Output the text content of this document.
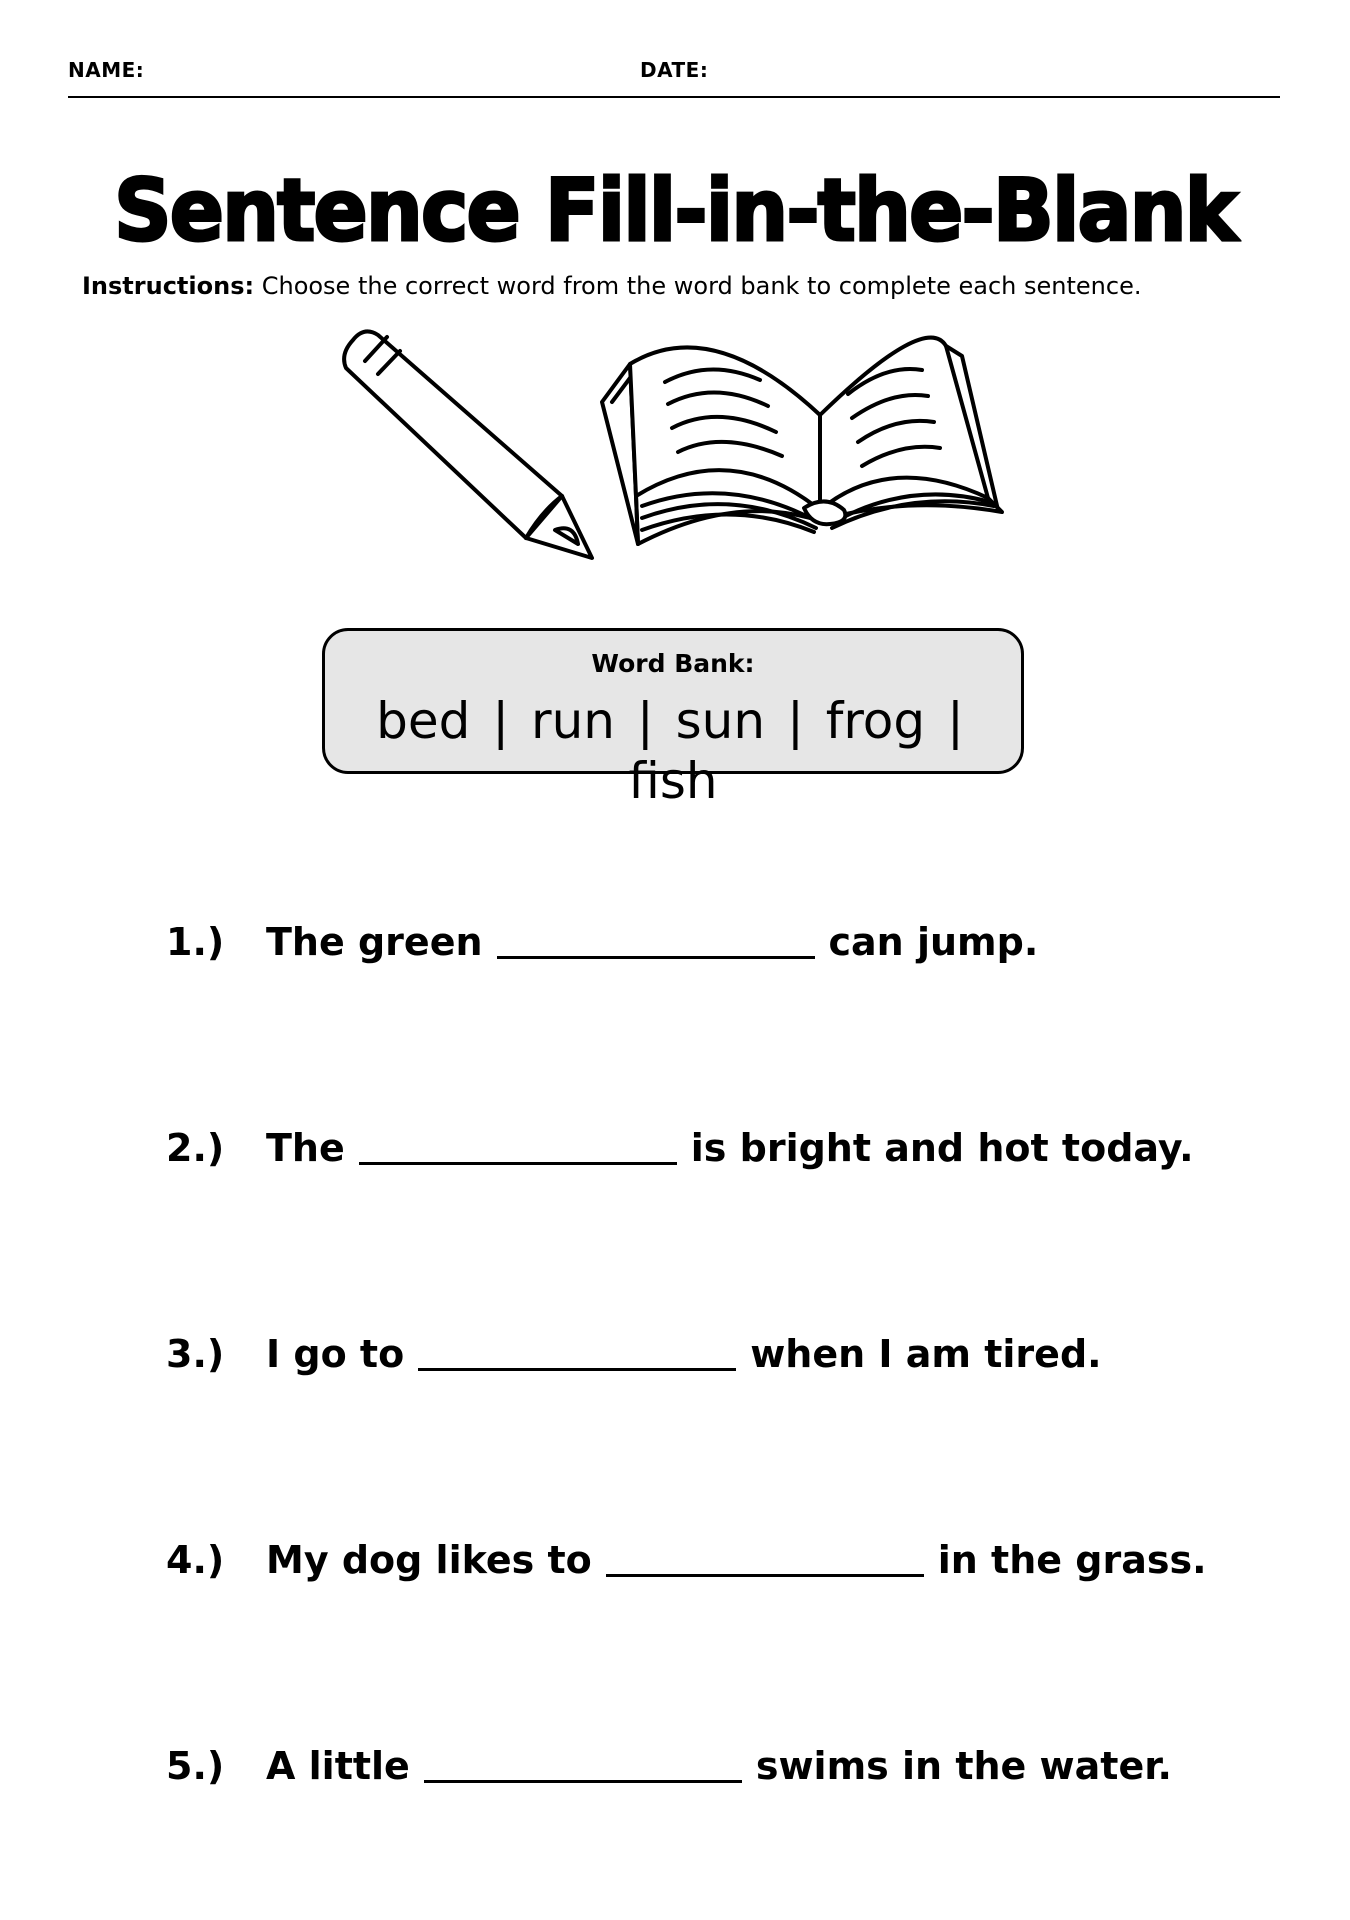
NAME:	DATE:
Sentence Fill-in-the-Blank
Instructions: Choose the correct word from the word bank to complete each sentence.
Word Bank:
bed | run | sun | frog | fish
1.) The green	can jump.
2.) The	is bright and hot today.
3.) I go to	when I am tired.
4.) My dog likes to	in the grass.
5.) A little	swims in the water.
